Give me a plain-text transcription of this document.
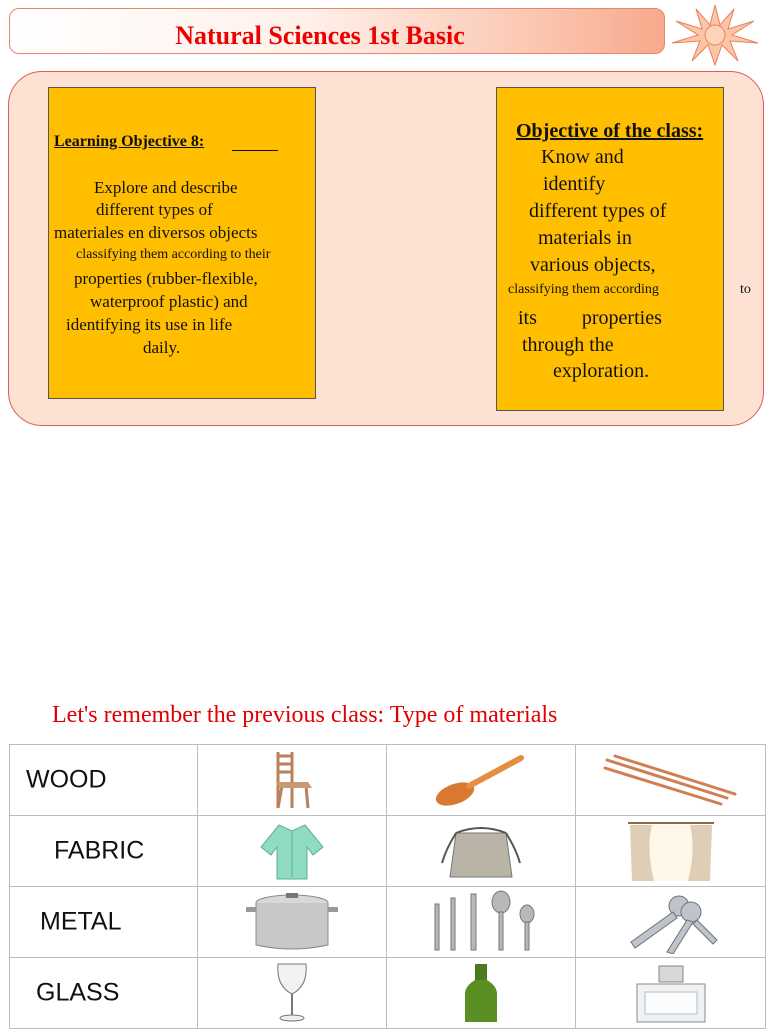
Natural Sciences 1st Basic
Learning Objective 8:
Explore and describe
different types of
materiales en diversos objects
classifying them according to their
properties (rubber-flexible,
waterproof plastic) and
identifying its use in life
daily.
Objective of the class:
Know and
identify
different types of
materials in
various objects,
classifying them according	to
its         properties
through the
exploration.
Let's remember the previous class: Type of materials
WOOD

FABRIC

METAL

GLASS
